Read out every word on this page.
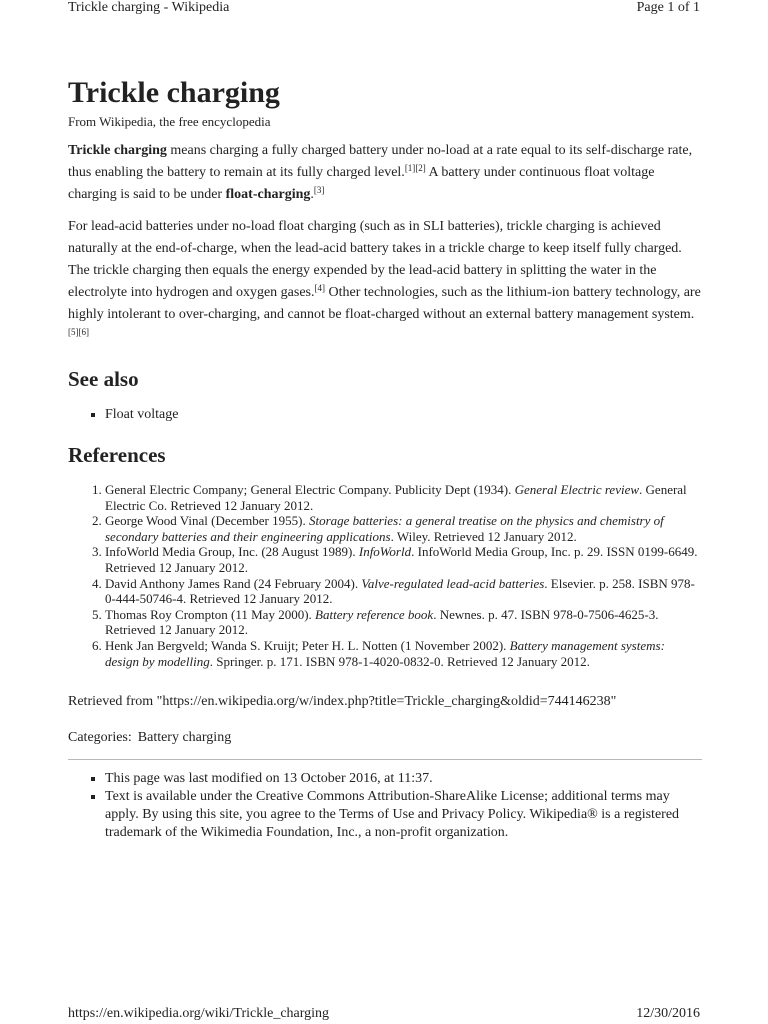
Trickle charging - Wikipedia	Page 1 of 1
Trickle charging
From Wikipedia, the free encyclopedia

Trickle charging means charging a fully charged battery under no-load at a rate equal to its self-discharge rate, thus enabling the battery to remain at its fully charged level.[1][2] A battery under continuous float voltage charging is said to be under float-charging.[3]

For lead-acid batteries under no-load float charging (such as in SLI batteries), trickle charging is achieved naturally at the end-of-charge, when the lead-acid battery takes in a trickle charge to keep itself fully charged. The trickle charging then equals the energy expended by the lead-acid battery in splitting the water in the electrolyte into hydrogen and oxygen gases.[4] Other technologies, such as the lithium-ion battery technology, are highly intolerant to over-charging, and cannot be float-charged without an external battery management system.[5][6]

See also
▪ Float voltage
References
1. General Electric Company; General Electric Company. Publicity Dept (1934). General Electric review. General Electric Co. Retrieved 12 January 2012.
2. George Wood Vinal (December 1955). Storage batteries: a general treatise on the physics and chemistry of secondary batteries and their engineering applications. Wiley. Retrieved 12 January 2012.
3. InfoWorld Media Group, Inc. (28 August 1989). InfoWorld. InfoWorld Media Group, Inc. p. 29. ISSN 0199-6649. Retrieved 12 January 2012.
4. David Anthony James Rand (24 February 2004). Valve-regulated lead-acid batteries. Elsevier. p. 258. ISBN 978-0-444-50746-4. Retrieved 12 January 2012.
5. Thomas Roy Crompton (11 May 2000). Battery reference book. Newnes. p. 47. ISBN 978-0-7506-4625-3. Retrieved 12 January 2012.
6. Henk Jan Bergveld; Wanda S. Kruijt; Peter H. L. Notten (1 November 2002). Battery management systems: design by modelling. Springer. p. 171. ISBN 978-1-4020-0832-0. Retrieved 12 January 2012.
Retrieved from "https://en.wikipedia.org/w/index.php?title=Trickle_charging&oldid=744146238"
Categories: Battery charging
▪ This page was last modified on 13 October 2016, at 11:37.
▪ Text is available under the Creative Commons Attribution-ShareAlike License; additional terms may apply. By using this site, you agree to the Terms of Use and Privacy Policy. Wikipedia® is a registered trademark of the Wikimedia Foundation, Inc., a non-profit organization.
https://en.wikipedia.org/wiki/Trickle_charging	12/30/2016
